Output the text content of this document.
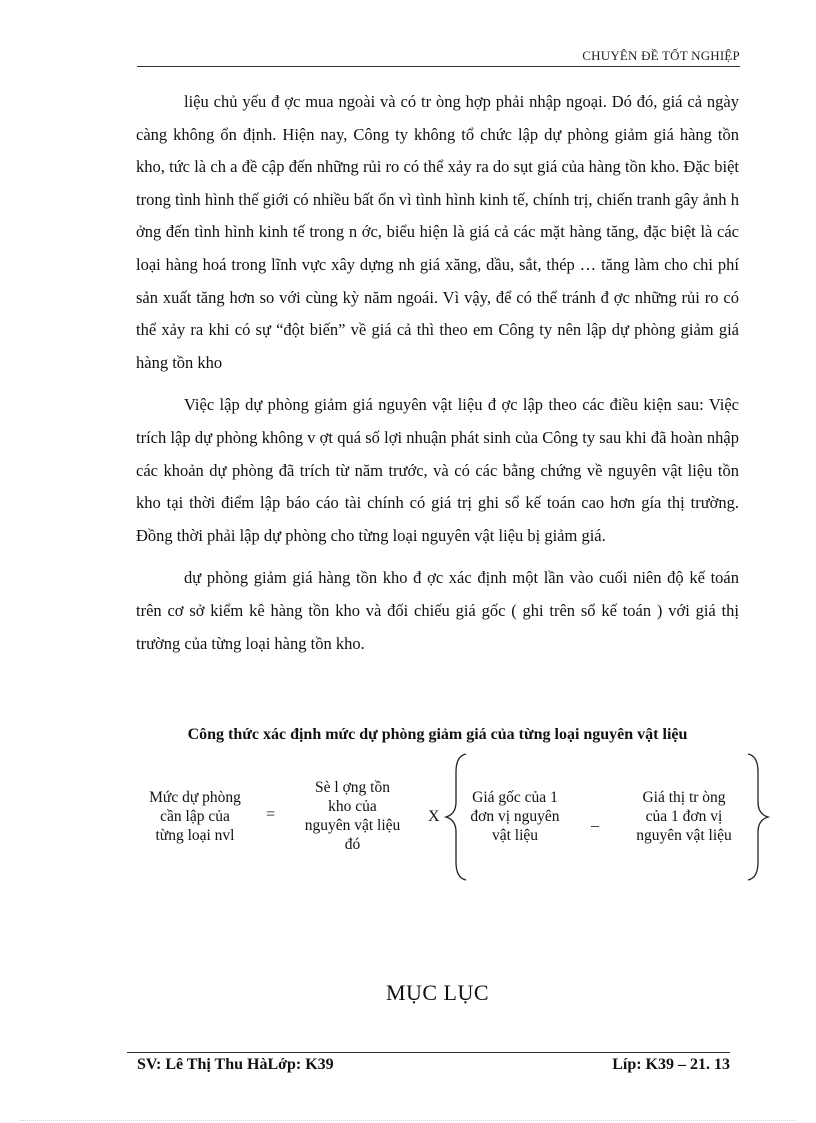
CHUYÊN ĐỀ TỐT NGHIỆP

liệu chủ yếu đ ợc mua ngoài và có tr òng hợp phải nhập ngoại. Dó đó, giá cả ngày càng không ổn định. Hiện nay, Công ty không tổ chức lập dự phòng giảm giá hàng tồn kho, tức là ch a đề cập đến những rủi ro có thể xảy ra do sụt giá của hàng tồn kho. Đặc biệt trong tình hình thế giới có nhiều bất ổn vì tình hình kinh tế, chính trị, chiến tranh gây ảnh h ởng đến tình hình kinh tế trong n ớc, biểu hiện là giá cả các mặt hàng tăng, đặc biệt là các loại hàng hoá trong lĩnh vực xây dựng nh giá xăng, dầu, sắt, thép … tăng làm cho chi phí sản xuất tăng hơn so với cùng kỳ năm ngoái. Vì vậy, để có thể tránh đ ợc những rủi ro có thể xảy ra khi có sự “đột biến” về giá cả thì theo em Công ty nên lập dự phòng giảm giá hàng tồn kho

Việc lập dự phòng giảm giá nguyên vật liệu đ ợc lập theo các điều kiện sau: Việc trích lập dự phòng không v ợt quá số lợi nhuận phát sinh của Công ty sau khi đã hoàn nhập các khoản dự phòng đã trích từ năm trước, và có các bằng chứng về nguyên vật liệu tồn kho tại thời điểm lập báo cáo tài chính có giá trị ghi sổ kế toán cao hơn gía thị trường. Đồng thời phải lập dự phòng cho từng loại nguyên vật liệu bị giảm giá.

dự phòng giảm giá hàng tồn kho đ ợc xác định một lần vào cuối niên độ kế toán trên cơ sở kiểm kê hàng tồn kho và đối chiếu giá gốc ( ghi trên sổ kế toán ) với giá thị trường của từng loại hàng tồn kho.

Công thức xác định mức dự phòng giảm giá của từng loại nguyên vật liệu
Mức dự phòng
cần lập của
từng loại nvl
=
Sè l ợng tồn
kho của
nguyên vật liệu
đó
X
Giá gốc của 1
đơn vị nguyên
vật liệu
_
Giá thị tr òng
của 1 đơn vị
nguyên vật liệu
MỤC LỤC
SV: Lê Thị Thu HàLớp: K39	Líp: K39 – 21. 13
